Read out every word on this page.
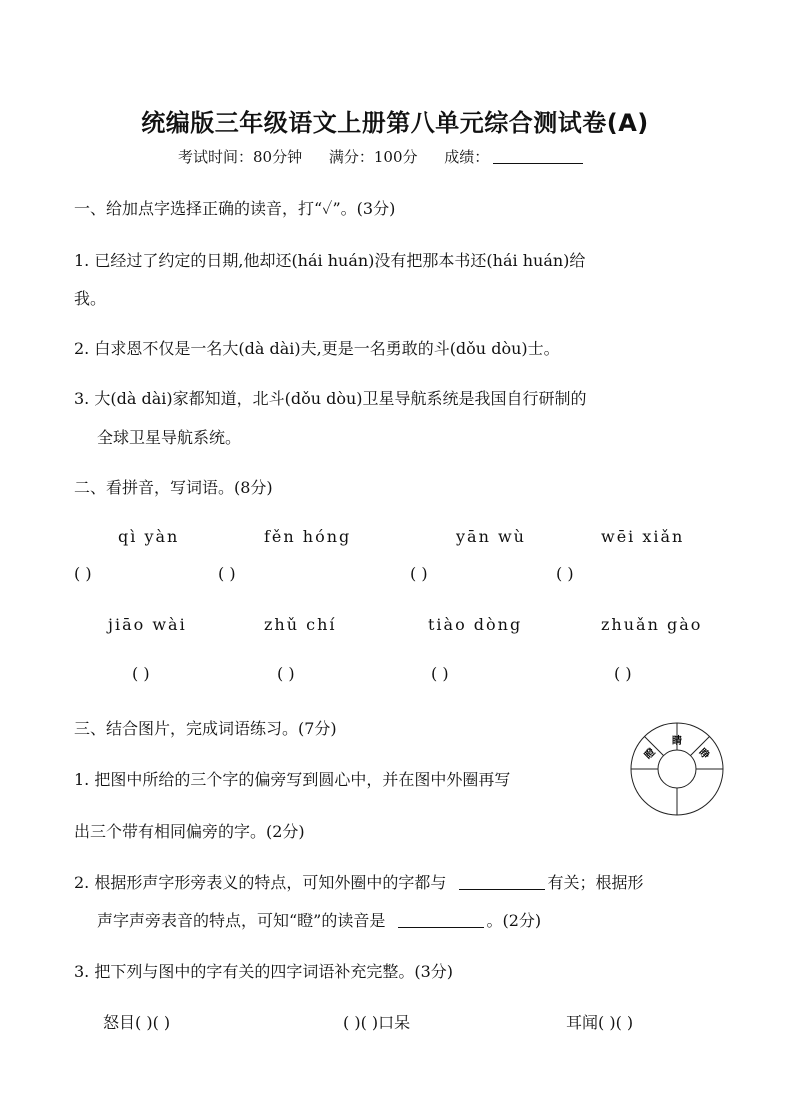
统编版三年级语文上册第八单元综合测试卷(A)
考试时间：80分钟 满分：100分 成绩：
一、给加点字选择正确的读音，打“✓”。(3分)
1. 已经过了约定的日期,他却还(hái huán)没有把那本书还(hái huán)给
我。
2. 白求恩不仅是一名大(dà dài)夫,更是一名勇敢的斗(dǒu dòu)士。
3. 大(dà dài)家都知道，北斗(dǒu dòu)卫星导航系统是我国自行研制的
全球卫星导航系统。
二、看拼音，写词语。(8分)
qì yàn	fěn hóng	yān wù	wēi xiǎn
( )	( )	( )	( )
jiāo wài	zhǔ chí	tiào dòng	zhuǎn gào
( )	( )	( )	( )
三、结合图片，完成词语练习。(7分)
1. 把图中所给的三个字的偏旁写到圆心中，并在图中外圈再写
出三个带有相同偏旁的字。(2分)
睛
瞪	睁
2. 根据形声字形旁表义的特点，可知外圈中的字都与	有关；根据形
声字声旁表音的特点，可知“瞪”的读音是	。(2分)
3. 把下列与图中的字有关的四字词语补充完整。(3分)
怒目( )( )	( )( )口呆	耳闻( )( )
